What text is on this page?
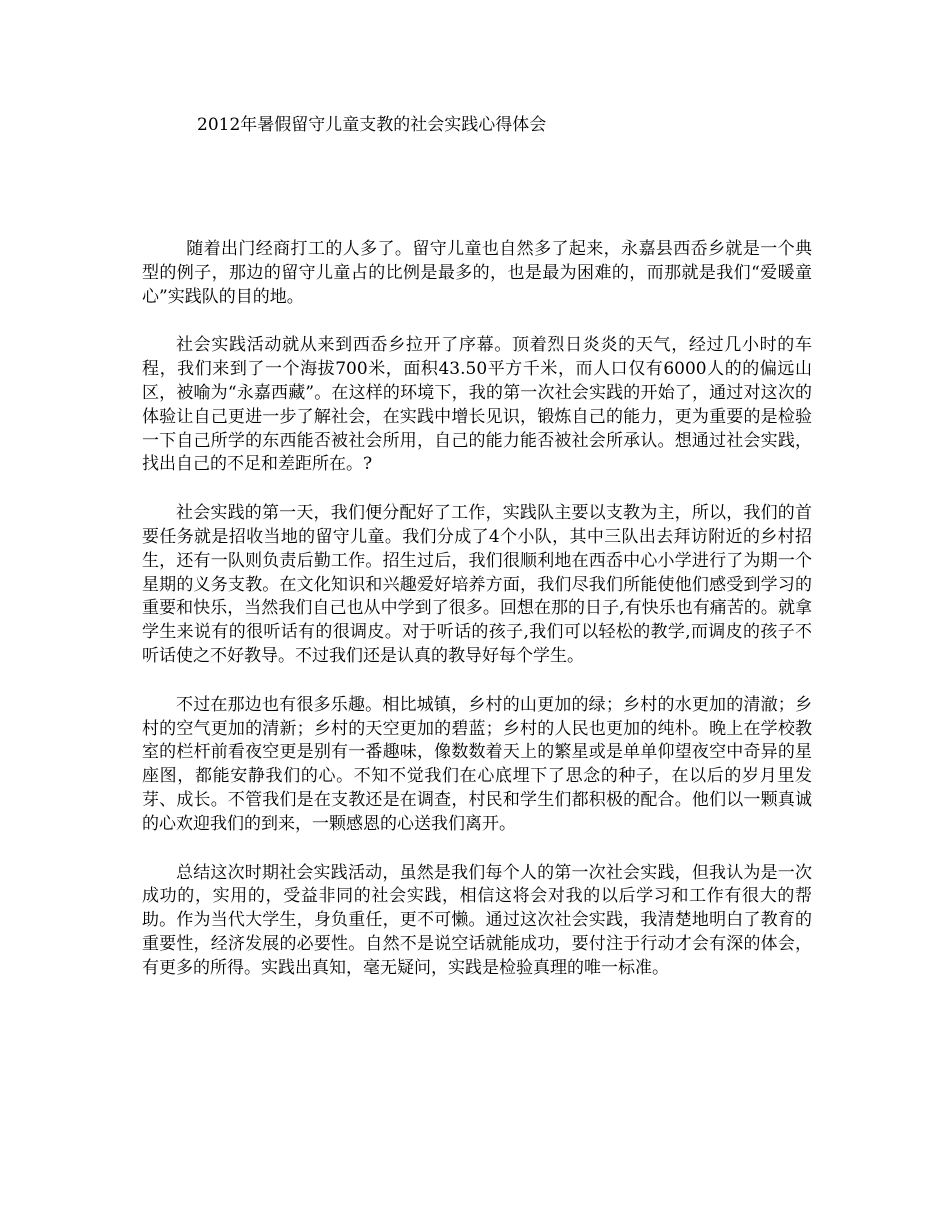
2012年暑假留守儿童支教的社会实践心得体会

随着出门经商打工的人多了。留守儿童也自然多了起来，永嘉县西岙乡就是一个典型的例子，那边的留守儿童占的比例是最多的，也是最为困难的，而那就是我们“爱暖童心”实践队的目的地。

社会实践活动就从来到西岙乡拉开了序幕。顶着烈日炎炎的天气，经过几小时的车程，我们来到了一个海拔700米，面积43.50平方千米，而人口仅有6000人的的偏远山区，被喻为“永嘉西藏”。在这样的环境下，我的第一次社会实践的开始了，通过对这次的体验让自己更进一步了解社会，在实践中增长见识，锻炼自己的能力，更为重要的是检验一下自己所学的东西能否被社会所用，自己的能力能否被社会所承认。想通过社会实践，找出自己的不足和差距所在。?

社会实践的第一天，我们便分配好了工作，实践队主要以支教为主，所以，我们的首要任务就是招收当地的留守儿童。我们分成了4个小队，其中三队出去拜访附近的乡村招生，还有一队则负责后勤工作。招生过后，我们很顺利地在西岙中心小学进行了为期一个星期的义务支教。在文化知识和兴趣爱好培养方面，我们尽我们所能使他们感受到学习的重要和快乐，当然我们自己也从中学到了很多。回想在那的日子,有快乐也有痛苦的。就拿学生来说有的很听话有的很调皮。对于听话的孩子,我们可以轻松的教学,而调皮的孩子不听话使之不好教导。不过我们还是认真的教导好每个学生。

不过在那边也有很多乐趣。相比城镇，乡村的山更加的绿；乡村的水更加的清澈；乡村的空气更加的清新；乡村的天空更加的碧蓝；乡村的人民也更加的纯朴。晚上在学校教室的栏杆前看夜空更是别有一番趣味，像数数着天上的繁星或是单单仰望夜空中奇异的星座图，都能安静我们的心。不知不觉我们在心底埋下了思念的种子，在以后的岁月里发芽、成长。不管我们是在支教还是在调查，村民和学生们都积极的配合。他们以一颗真诚的心欢迎我们的到来，一颗感恩的心送我们离开。

总结这次时期社会实践活动，虽然是我们每个人的第一次社会实践，但我认为是一次成功的，实用的，受益非同的社会实践，相信这将会对我的以后学习和工作有很大的帮助。作为当代大学生，身负重任，更不可懒。通过这次社会实践，我清楚地明白了教育的重要性，经济发展的必要性。自然不是说空话就能成功，要付注于行动才会有深的体会，有更多的所得。实践出真知，毫无疑问，实践是检验真理的唯一标准。
